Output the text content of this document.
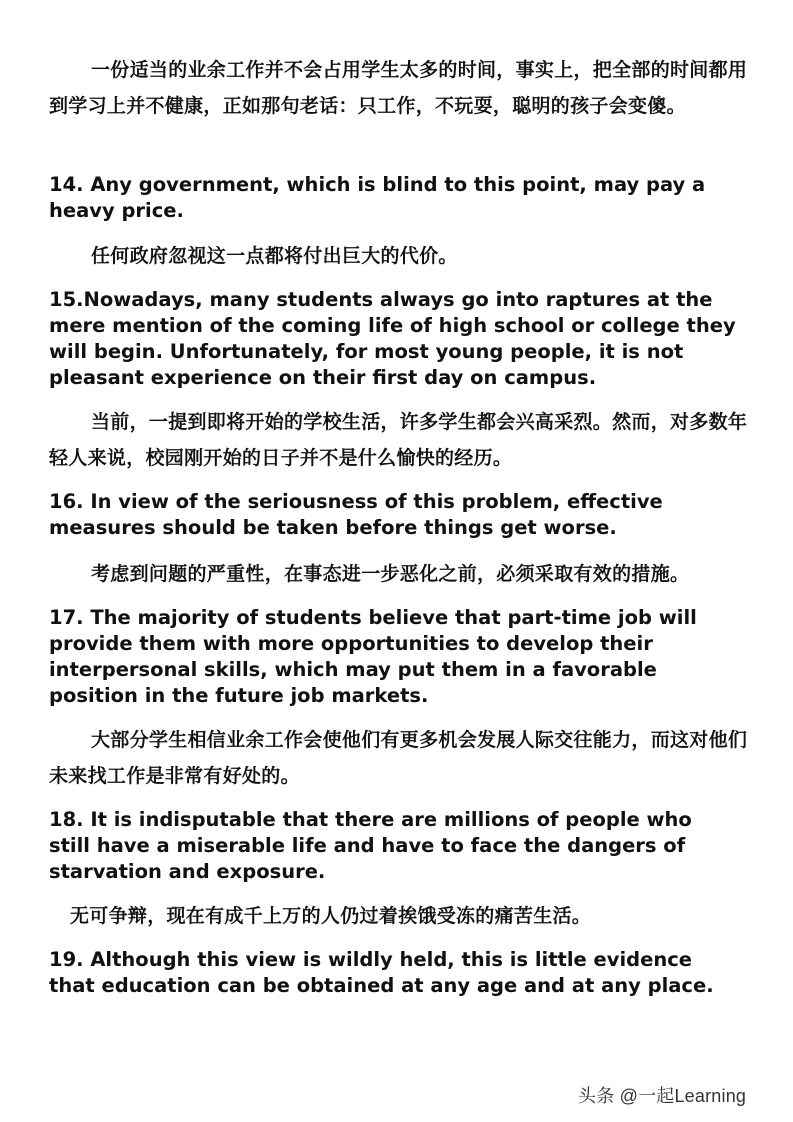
一份适当的业余工作并不会占用学生太多的时间，事实上，把全部的时间都用到学习上并不健康，正如那句老话：只工作，不玩耍，聪明的孩子会变傻。

14. Any government, which is blind to this point, may pay a heavy price.

任何政府忽视这一点都将付出巨大的代价。

15.Nowadays, many students always go into raptures at the mere mention of the coming life of high school or college they will begin. Unfortunately, for most young people, it is not pleasant experience on their first day on campus.

当前，一提到即将开始的学校生活，许多学生都会兴高采烈。然而，对多数年轻人来说，校园刚开始的日子并不是什么愉快的经历。

16. In view of the seriousness of this problem, effective measures should be taken before things get worse.

考虑到问题的严重性，在事态进一步恶化之前，必须采取有效的措施。

17. The majority of students believe that part-time job will provide them with more opportunities to develop their interpersonal skills, which may put them in a favorable position in the future job markets.

大部分学生相信业余工作会使他们有更多机会发展人际交往能力，而这对他们未来找工作是非常有好处的。

18. It is indisputable that there are millions of people who still have a miserable life and have to face the dangers of starvation and exposure.

无可争辩，现在有成千上万的人仍过着挨饿受冻的痛苦生活。

19. Although this view is wildly held, this is little evidence that education can be obtained at any age and at any place.

头条 @一起Learning
